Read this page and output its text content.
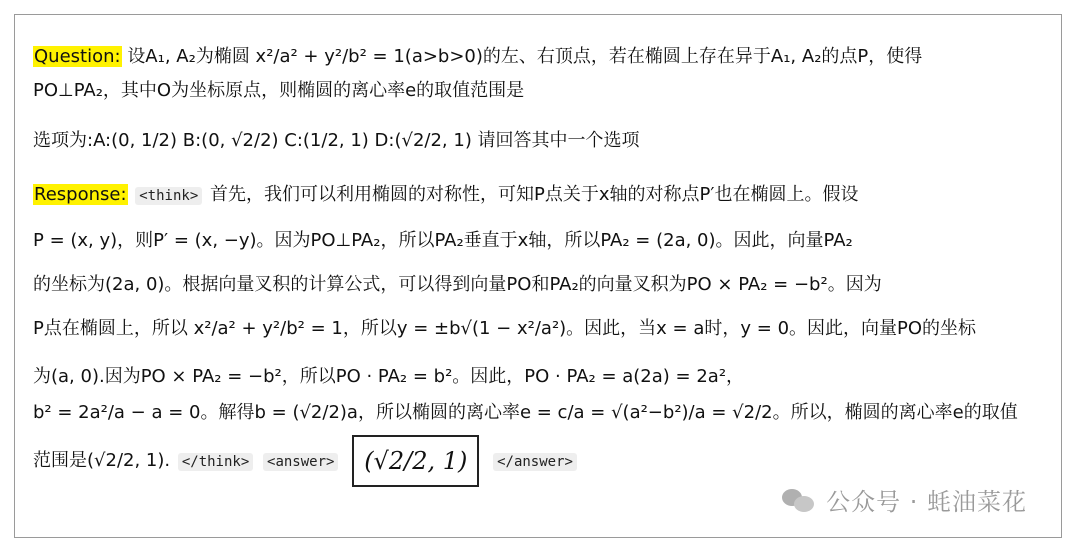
Question: 设A₁, A₂为椭圆 x²/a² + y²/b² = 1(a>b>0)的左、右顶点，若在椭圆上存在异于A₁, A₂的点P，使得
PO⊥PA₂，其中O为坐标原点，则椭圆的离心率e的取值范围是
选项为:A:(0, 1/2) B:(0, √2/2) C:(1/2, 1) D:(√2/2, 1) 请回答其中一个选项
Response: <think> 首先，我们可以利用椭圆的对称性，可知P点关于x轴的对称点P′也在椭圆上。假设
P = (x, y)，则P′ = (x, −y)。因为PO⊥PA₂，所以PA₂垂直于x轴，所以PA₂ = (2a, 0)。因此，向量PA₂
的坐标为(2a, 0)。根据向量叉积的计算公式，可以得到向量PO和PA₂的向量叉积为PO × PA₂ = −b²。因为
P点在椭圆上，所以 x²/a² + y²/b² = 1，所以y = ±b√(1 − x²/a²)。因此，当x = a时，y = 0。因此，向量PO的坐标
为(a, 0).因为PO × PA₂ = −b²，所以PO · PA₂ = b²。因此，PO · PA₂ = a(2a) = 2a²，
b² = 2a²/a − a = 0。解得b = (√2/2)a，所以椭圆的离心率e = c/a = √(a²−b²)/a = √2/2。所以，椭圆的离心率e的取值
范围是(√2/2, 1). </think> <answer> (√2/2, 1) </answer>
公众号 · 蚝油菜花
